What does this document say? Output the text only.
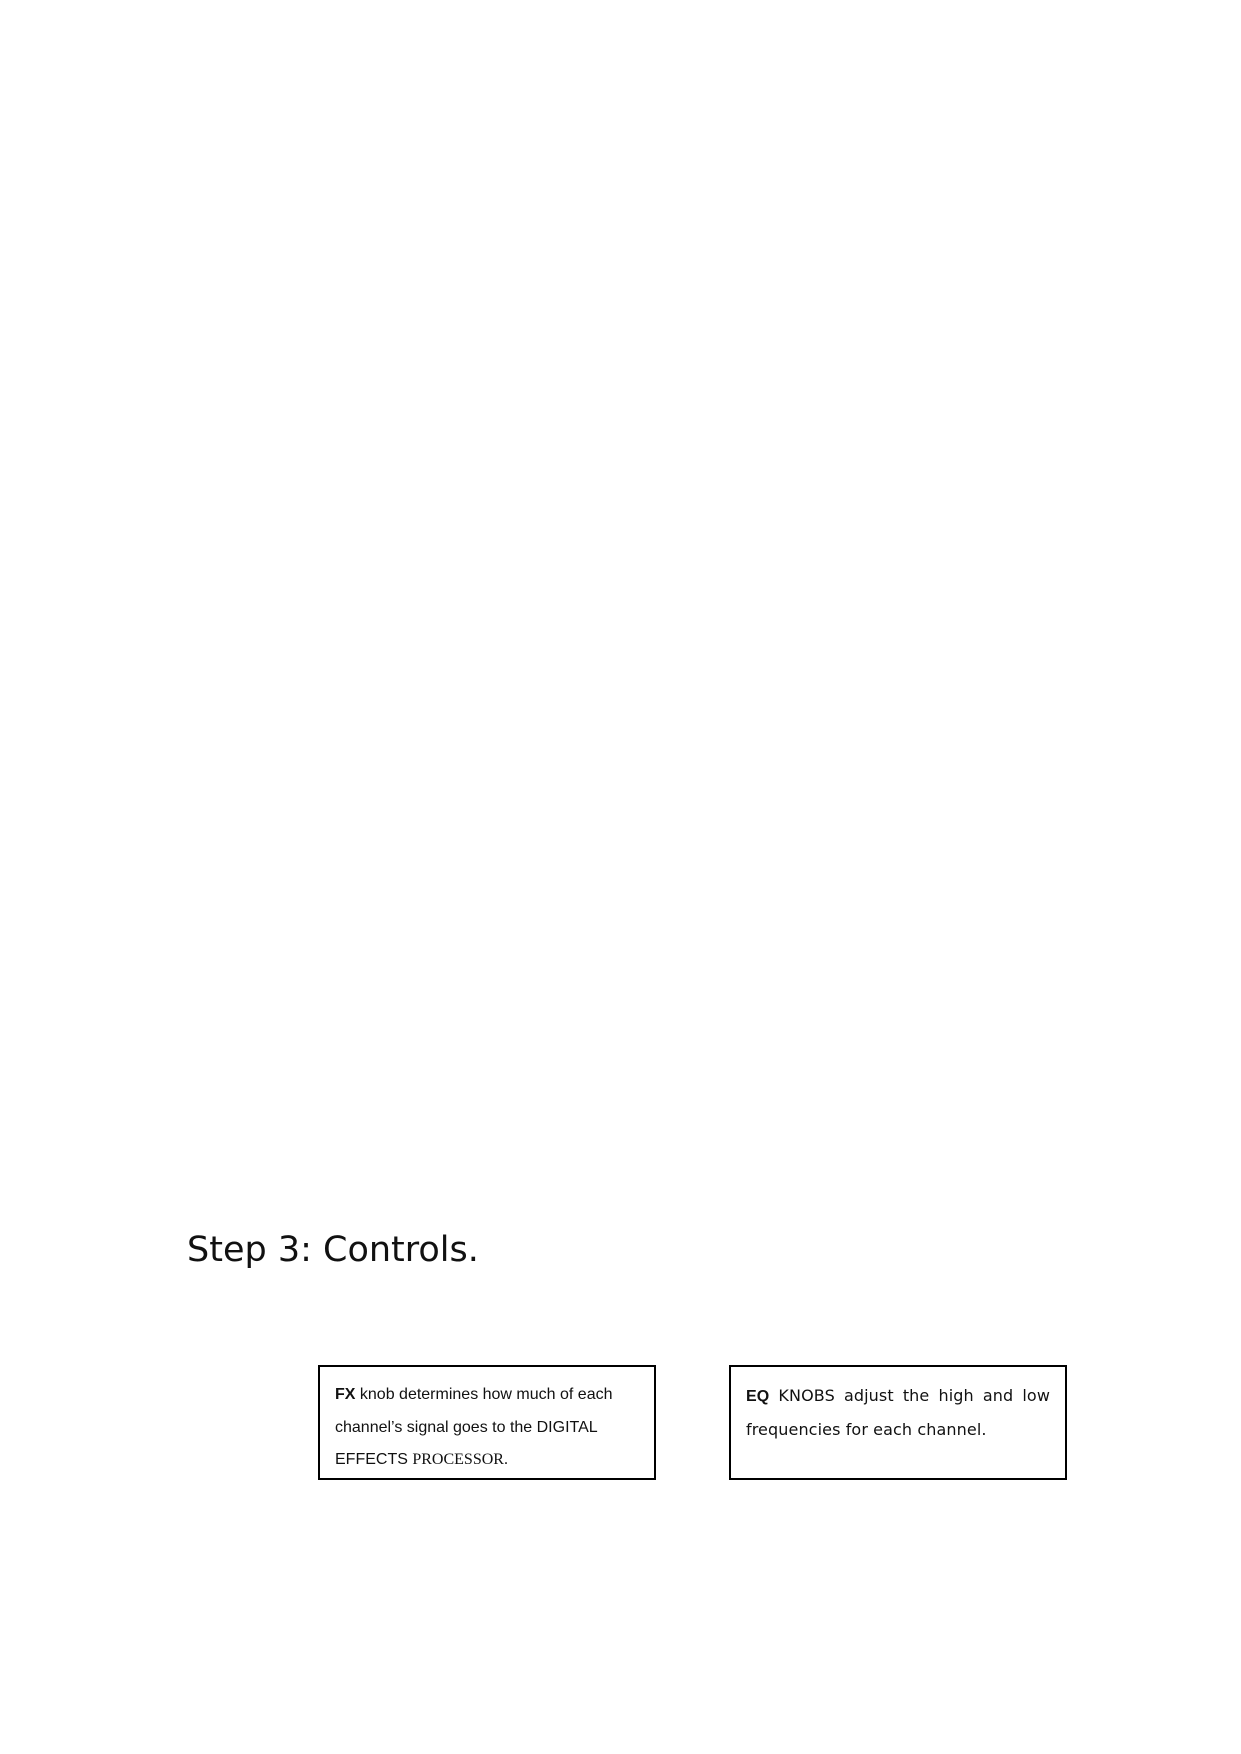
Step 3: Controls.

FX knob determines how much of each channel’s signal goes to the DIGITAL EFFECTS PROCESSOR.

EQ KNOBS adjust the high and low frequencies for each channel.
